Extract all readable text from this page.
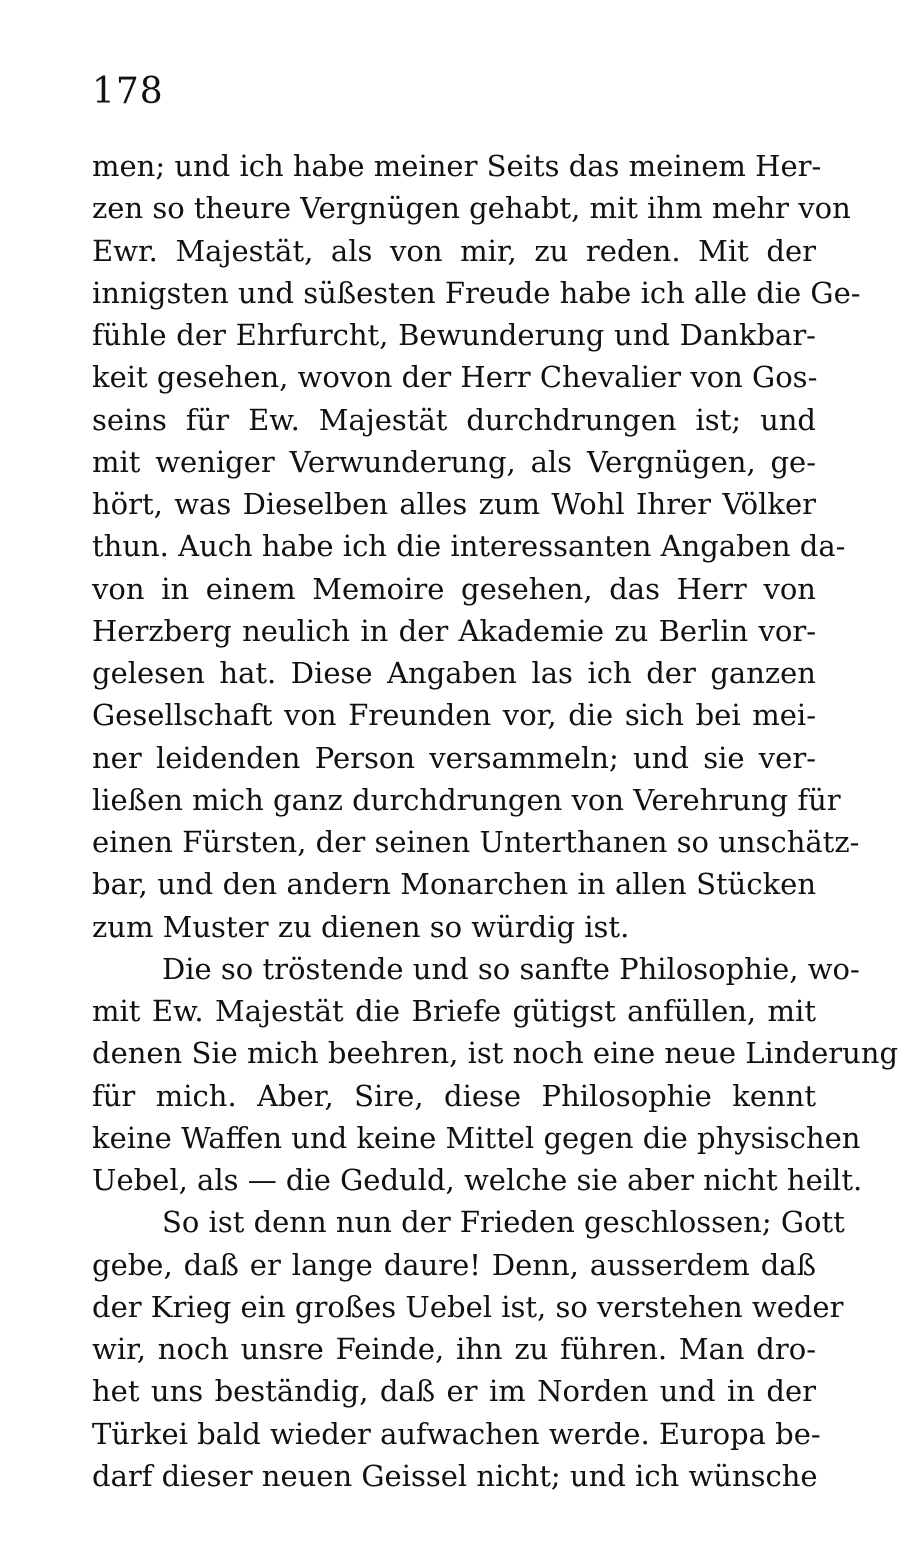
178
men; und ich habe meiner Seits das meinem Her-
zen so theure Vergnügen gehabt, mit ihm mehr von
Ewr. Majestät, als von mir, zu reden. Mit der
innigsten und süßesten Freude habe ich alle die Ge-
fühle der Ehrfurcht, Bewunderung und Dankbar-
keit gesehen, wovon der Herr Chevalier von Gos-
seins für Ew. Majestät durchdrungen ist; und
mit weniger Verwunderung, als Vergnügen, ge-
hört, was Dieselben alles zum Wohl Ihrer Völker
thun. Auch habe ich die interessanten Angaben da-
von in einem Memoire gesehen, das Herr von
Herzberg neulich in der Akademie zu Berlin vor-
gelesen hat. Diese Angaben las ich der ganzen
Gesellschaft von Freunden vor, die sich bei mei-
ner leidenden Person versammeln; und sie ver-
ließen mich ganz durchdrungen von Verehrung für
einen Fürsten, der seinen Unterthanen so unschätz-
bar, und den andern Monarchen in allen Stücken
zum Muster zu dienen so würdig ist.
Die so tröstende und so sanfte Philosophie, wo-
mit Ew. Majestät die Briefe gütigst anfüllen, mit
denen Sie mich beehren, ist noch eine neue Linderung
für mich. Aber, Sire, diese Philosophie kennt
keine Waffen und keine Mittel gegen die physischen
Uebel, als — die Geduld, welche sie aber nicht heilt.
So ist denn nun der Frieden geschlossen; Gott
gebe, daß er lange daure! Denn, ausserdem daß
der Krieg ein großes Uebel ist, so verstehen weder
wir, noch unsre Feinde, ihn zu führen. Man dro-
het uns beständig, daß er im Norden und in der
Türkei bald wieder aufwachen werde. Europa be-
darf dieser neuen Geissel nicht; und ich wünsche
